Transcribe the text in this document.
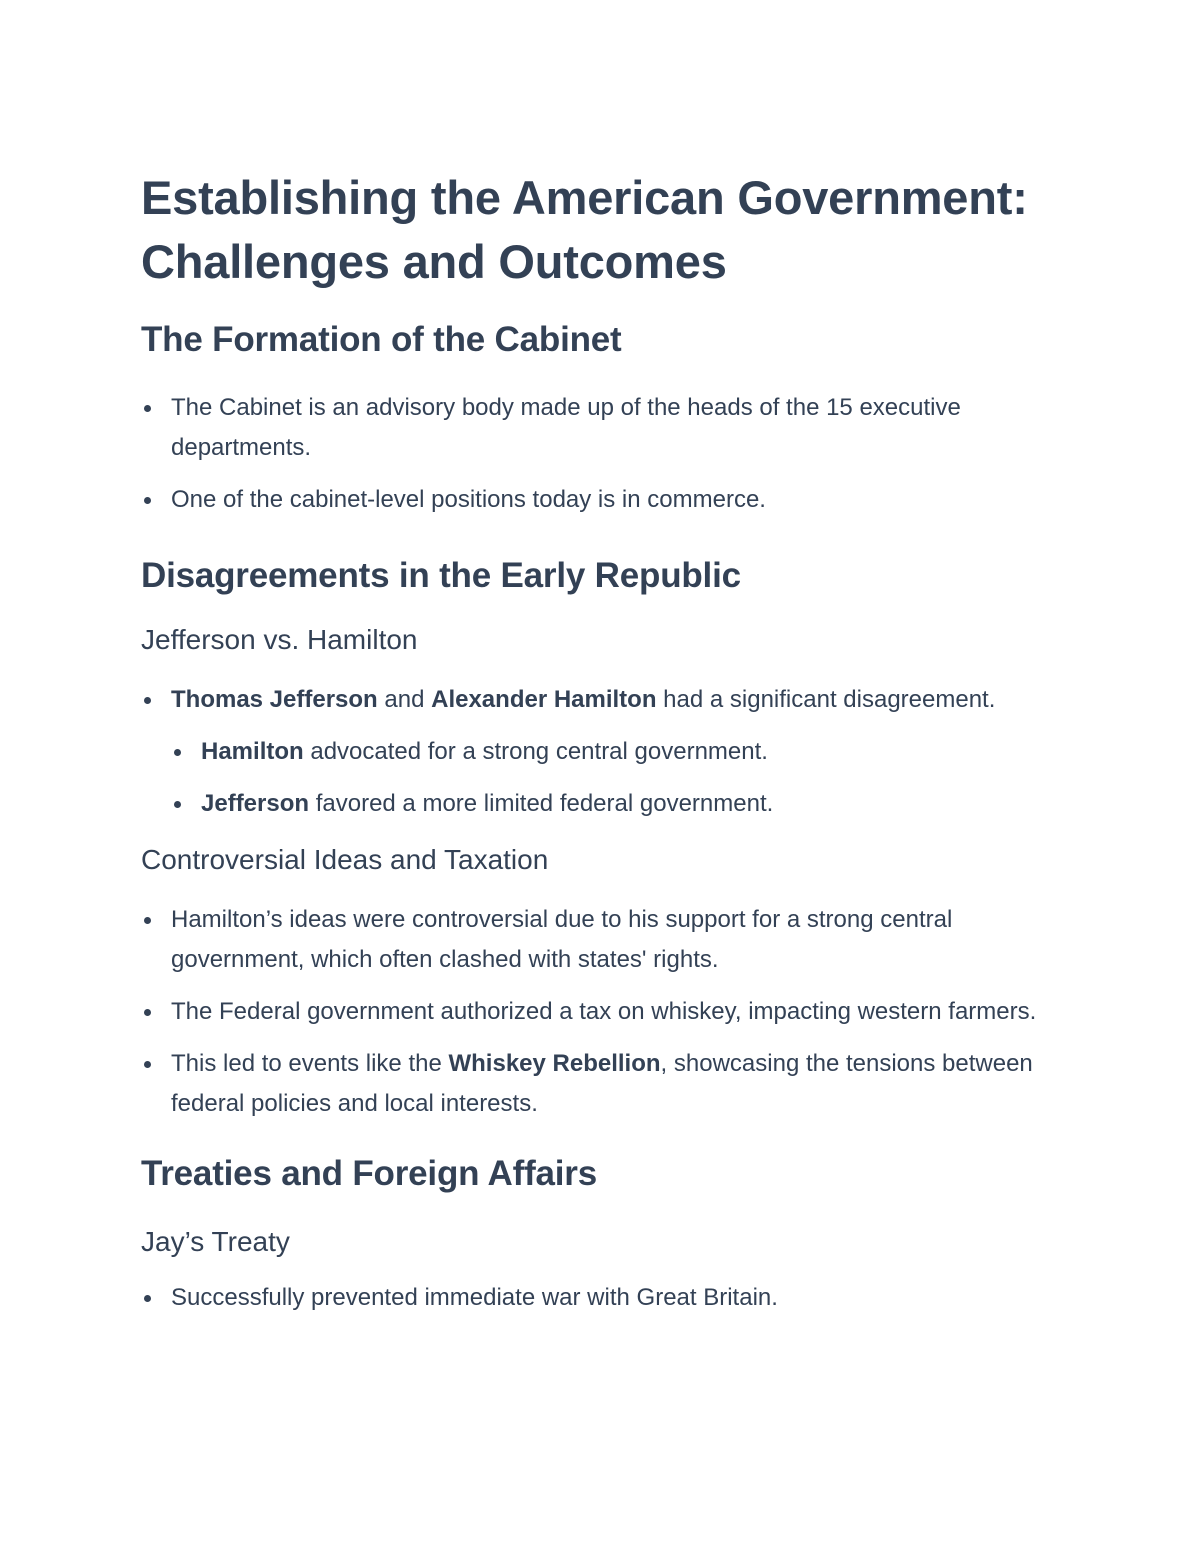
Establishing the American Government: Challenges and Outcomes
The Formation of the Cabinet
The Cabinet is an advisory body made up of the heads of the 15 executive departments.
One of the cabinet-level positions today is in commerce.
Disagreements in the Early Republic
Jefferson vs. Hamilton
Thomas Jefferson and Alexander Hamilton had a significant disagreement.
Hamilton advocated for a strong central government.
Jefferson favored a more limited federal government.
Controversial Ideas and Taxation
Hamilton’s ideas were controversial due to his support for a strong central government, which often clashed with states' rights.
The Federal government authorized a tax on whiskey, impacting western farmers.
This led to events like the Whiskey Rebellion, showcasing the tensions between federal policies and local interests.
Treaties and Foreign Affairs
Jay’s Treaty
Successfully prevented immediate war with Great Britain.
